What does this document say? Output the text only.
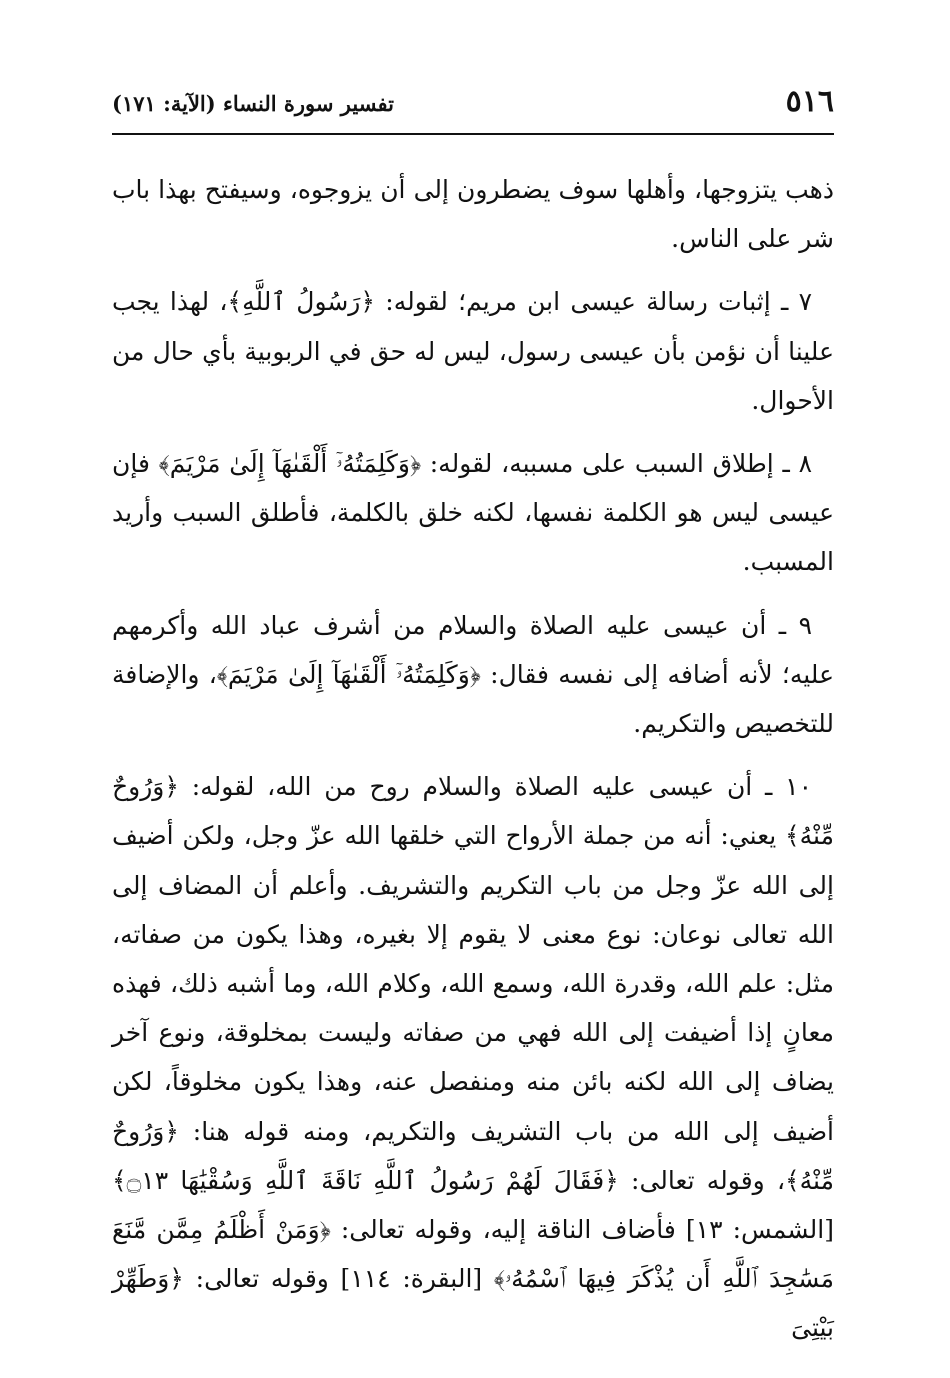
٥١٦
تفسير سورة النساء (الآية: ١٧١)

ذهب يتزوجها، وأهلها سوف يضطرون إلى أن يزوجوه، وسيفتح بهذا باب شر على الناس.

٧ ـ إثبات رسالة عيسى ابن مريم؛ لقوله: ﴿رَسُولُ ٱللَّهِ﴾، لهذا يجب علينا أن نؤمن بأن عيسى رسول، ليس له حق في الربوبية بأي حال من الأحوال.

٨ ـ إطلاق السبب على مسببه، لقوله: ﴿وَكَلِمَتُهُۥٓ أَلْقَىٰهَآ إِلَىٰ مَرْيَمَ﴾ فإن عيسى ليس هو الكلمة نفسها، لكنه خلق بالكلمة، فأطلق السبب وأريد المسبب.

٩ ـ أن عيسى عليه الصلاة والسلام من أشرف عباد الله وأكرمهم عليه؛ لأنه أضافه إلى نفسه فقال: ﴿وَكَلِمَتُهُۥٓ أَلْقَىٰهَآ إِلَىٰ مَرْيَمَ﴾، والإضافة للتخصيص والتكريم.

١٠ ـ أن عيسى عليه الصلاة والسلام روح من الله، لقوله: ﴿وَرُوحٌ مِّنْهُ﴾ يعني: أنه من جملة الأرواح التي خلقها الله عزّ وجل، ولكن أضيف إلى الله عزّ وجل من باب التكريم والتشريف. وأعلم أن المضاف إلى الله تعالى نوعان: نوع معنى لا يقوم إلا بغيره، وهذا يكون من صفاته، مثل: علم الله، وقدرة الله، وسمع الله، وكلام الله، وما أشبه ذلك، فهذه معانٍ إذا أضيفت إلى الله فهي من صفاته وليست بمخلوقة، ونوع آخر يضاف إلى الله لكنه بائن منه ومنفصل عنه، وهذا يكون مخلوقاً، لكن أضيف إلى الله من باب التشريف والتكريم، ومنه قوله هنا: ﴿وَرُوحٌ مِّنْهُ﴾، وقوله تعالى: ﴿فَقَالَ لَهُمْ رَسُولُ ٱللَّهِ نَاقَةَ ٱللَّهِ وَسُقْيَٰهَا ۝١٣﴾ [الشمس: ١٣] فأضاف الناقة إليه، وقوله تعالى: ﴿وَمَنْ أَظْلَمُ مِمَّن مَّنَعَ مَسَٰجِدَ ٱللَّهِ أَن يُذْكَرَ فِيهَا ٱسْمُهُۥ﴾ [البقرة: ١١٤] وقوله تعالى: ﴿وَطَهِّرْ بَيْتِىَ
